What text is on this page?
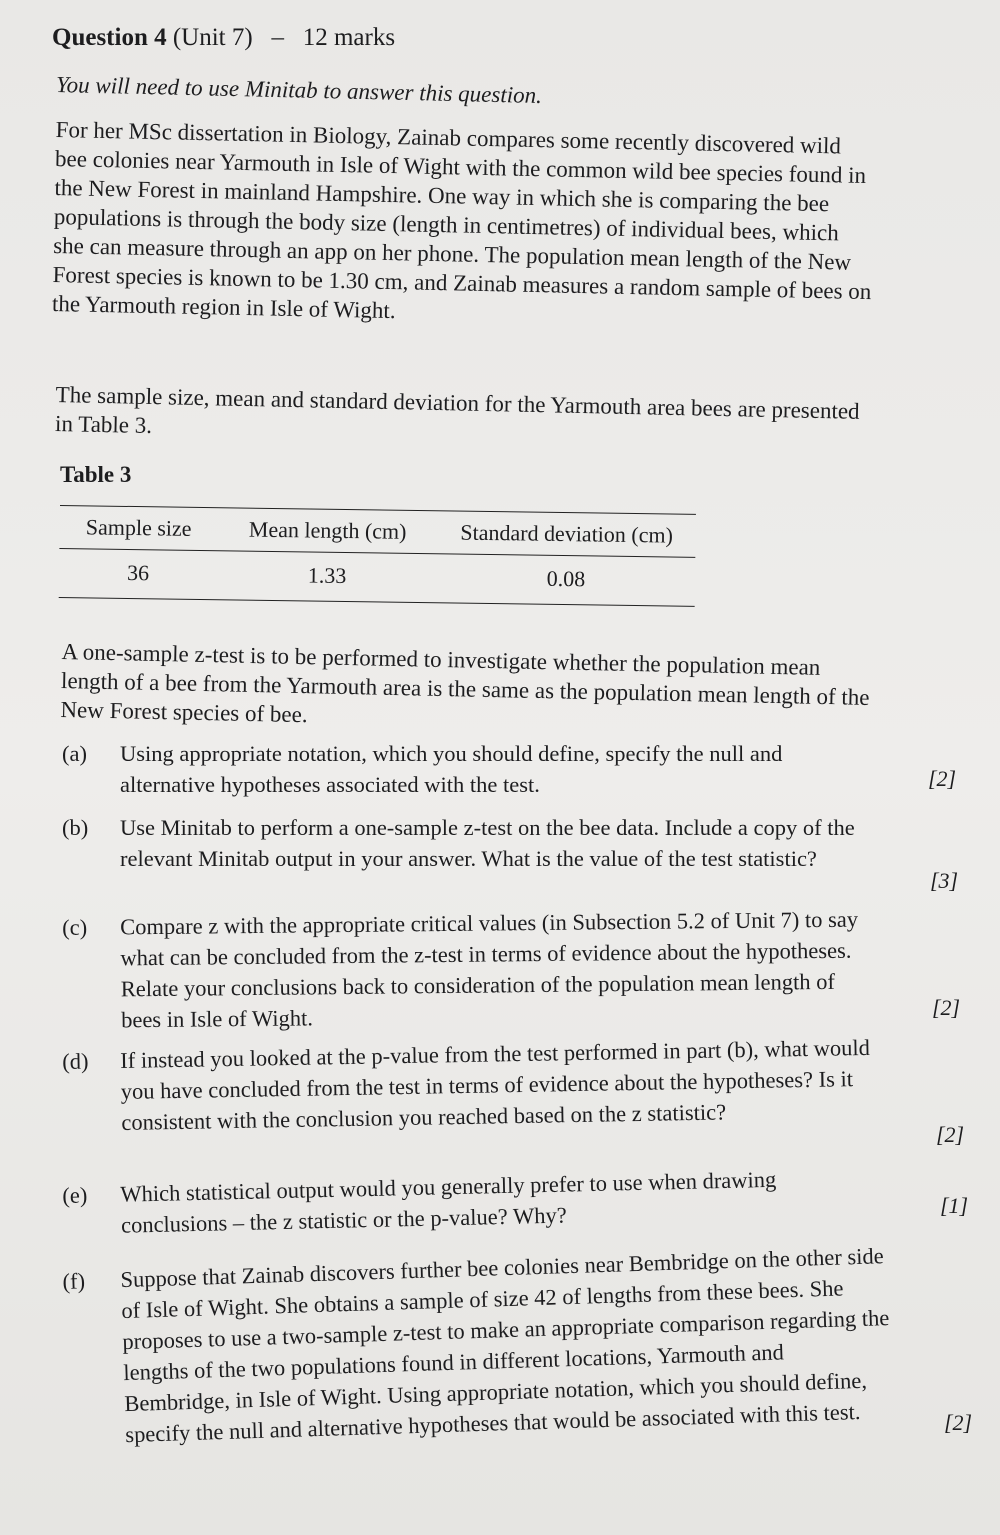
Question 4 (Unit 7) – 12 marks
You will need to use Minitab to answer this question.
For her MSc dissertation in Biology, Zainab compares some recently discovered wild bee colonies near Yarmouth in Isle of Wight with the common wild bee species found in the New Forest in mainland Hampshire. One way in which she is comparing the bee populations is through the body size (length in centimetres) of individual bees, which she can measure through an app on her phone. The population mean length of the New Forest species is known to be 1.30 cm, and Zainab measures a random sample of bees on the Yarmouth region in Isle of Wight.
The sample size, mean and standard deviation for the Yarmouth area bees are presented in Table 3.
Table 3
Sample size	Mean length (cm)	Standard deviation (cm)
36	1.33	0.08
A one-sample z-test is to be performed to investigate whether the population mean length of a bee from the Yarmouth area is the same as the population mean length of the New Forest species of bee.
(a)	Using appropriate notation, which you should define, specify the null and alternative hypotheses associated with the test.	[2]
(b)	Use Minitab to perform a one-sample z-test on the bee data. Include a copy of the relevant Minitab output in your answer. What is the value of the test statistic?
[3]
(c)	Compare z with the appropriate critical values (in Subsection 5.2 of Unit 7) to say what can be concluded from the z-test in terms of evidence about the hypotheses. Relate your conclusions back to consideration of the population mean length of bees in Isle of Wight.	[2]
(d)	If instead you looked at the p-value from the test performed in part (b), what would you have concluded from the test in terms of evidence about the hypotheses? Is it consistent with the conclusion you reached based on the z statistic?	[2]
(e)	Which statistical output would you generally prefer to use when drawing conclusions – the z statistic or the p-value? Why?	[1]
(f)	Suppose that Zainab discovers further bee colonies near Bembridge on the other side of Isle of Wight. She obtains a sample of size 42 of lengths from these bees. She proposes to use a two-sample z-test to make an appropriate comparison regarding the lengths of the two populations found in different locations, Yarmouth and Bembridge, in Isle of Wight. Using appropriate notation, which you should define, specify the null and alternative hypotheses that would be associated with this test.	[2]
